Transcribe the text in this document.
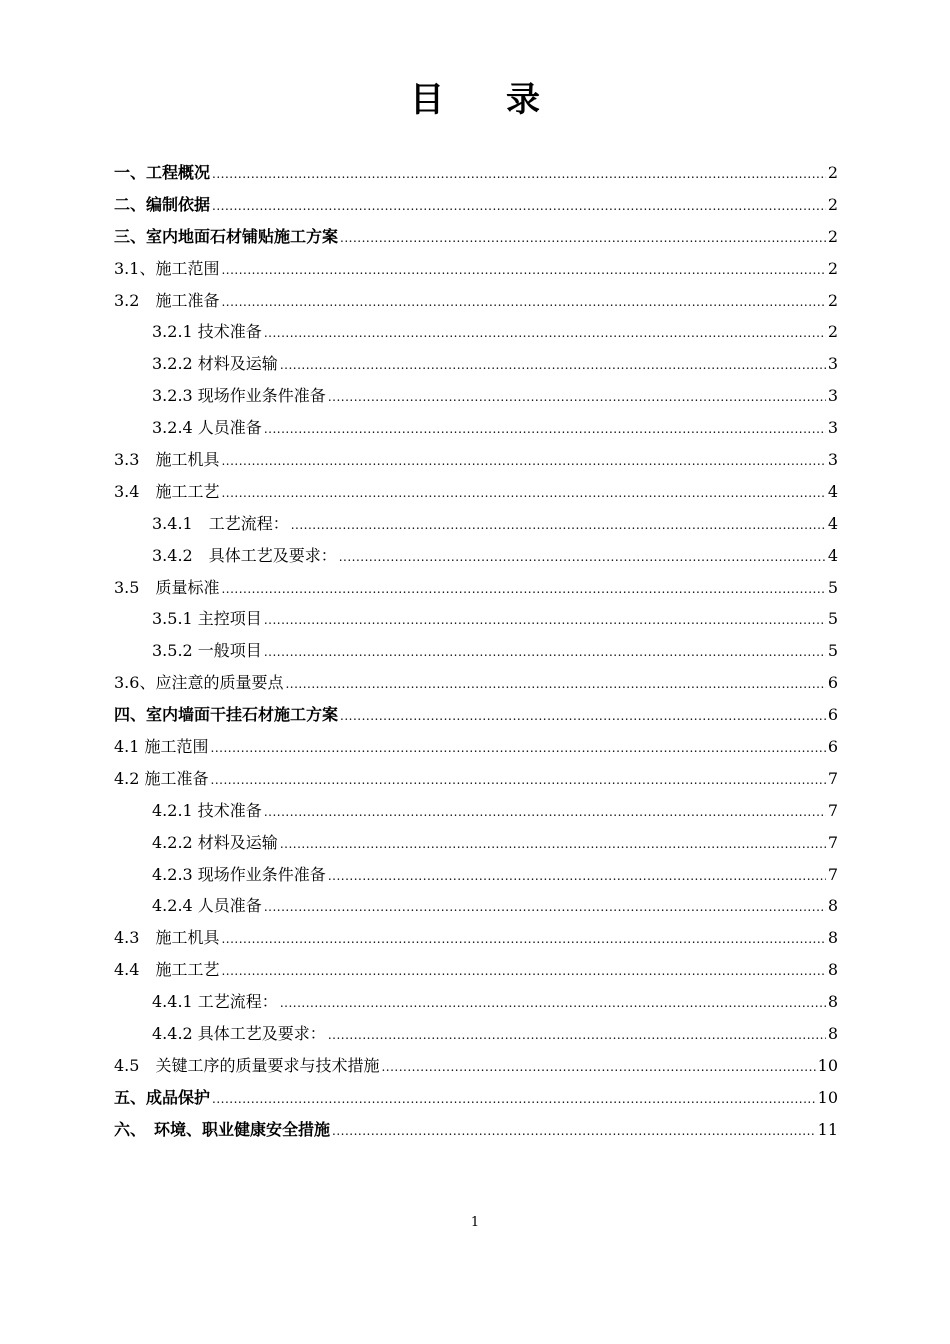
目 录
一、工程概况 .....	2
二、编制依据 .....	2
三、室内地面石材铺贴施工方案 .....	2
3.1、施工范围 .....	2
3.2　施工准备 .....	2
3.2.1 技术准备 .....	2
3.2.2 材料及运输 .....	3
3.2.3 现场作业条件准备 .....	3
3.2.4 人员准备 .....	3
3.3　施工机具 .....	3
3.4　施工工艺 .....	4
3.4.1　工艺流程： .....	4
3.4.2　具体工艺及要求： .....	4
3.5　质量标准 .....	5
3.5.1 主控项目 .....	5
3.5.2 一般项目 .....	5
3.6、应注意的质量要点 .....	6
四、室内墙面干挂石材施工方案 .....	6
4.1 施工范围 .....	6
4.2 施工准备 .....	7
4.2.1 技术准备 .....	7
4.2.2 材料及运输 .....	7
4.2.3 现场作业条件准备 .....	7
4.2.4 人员准备 .....	8
4.3　施工机具 .....	8
4.4　施工工艺 .....	8
4.4.1 工艺流程： .....	8
4.4.2 具体工艺及要求： .....	8
4.5　关键工序的质量要求与技术措施 .....	10
五、成品保护 .....	10
六、　环境、职业健康安全措施 .....	11
1
